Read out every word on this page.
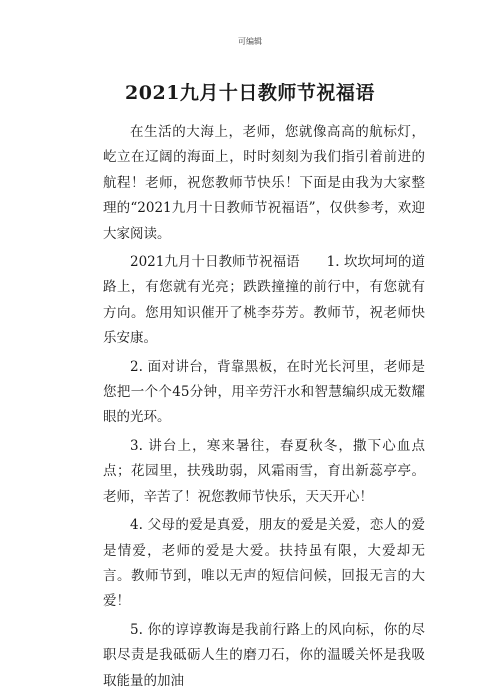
可编辑
2021九月十日教师节祝福语

在生活的大海上，老师，您就像高高的航标灯，屹立在辽阔的海面上，时时刻刻为我们指引着前进的航程！老师，祝您教师节快乐！下面是由我为大家整理的“2021九月十日教师节祝福语”，仅供参考，欢迎大家阅读。

2021九月十日教师节祝福语　　1. 坎坎坷坷的道路上，有您就有光亮；跌跌撞撞的前行中，有您就有方向。您用知识催开了桃李芬芳。教师节，祝老师快乐安康。

2. 面对讲台，背靠黑板，在时光长河里，老师是您把一个个45分钟，用辛劳汗水和智慧编织成无数耀眼的光环。

3. 讲台上，寒来暑往，春夏秋冬，撒下心血点点；花园里，扶残助弱，风霜雨雪，育出新蕊亭亭。老师，辛苦了！祝您教师节快乐，天天开心！

4. 父母的爱是真爱，朋友的爱是关爱，恋人的爱是情爱，老师的爱是大爱。扶持虽有限，大爱却无言。教师节到，唯以无声的短信问候，回报无言的大爱！

5. 你的谆谆教诲是我前行路上的风向标，你的尽职尽责是我砥砺人生的磨刀石，你的温暖关怀是我吸取能量的加油
